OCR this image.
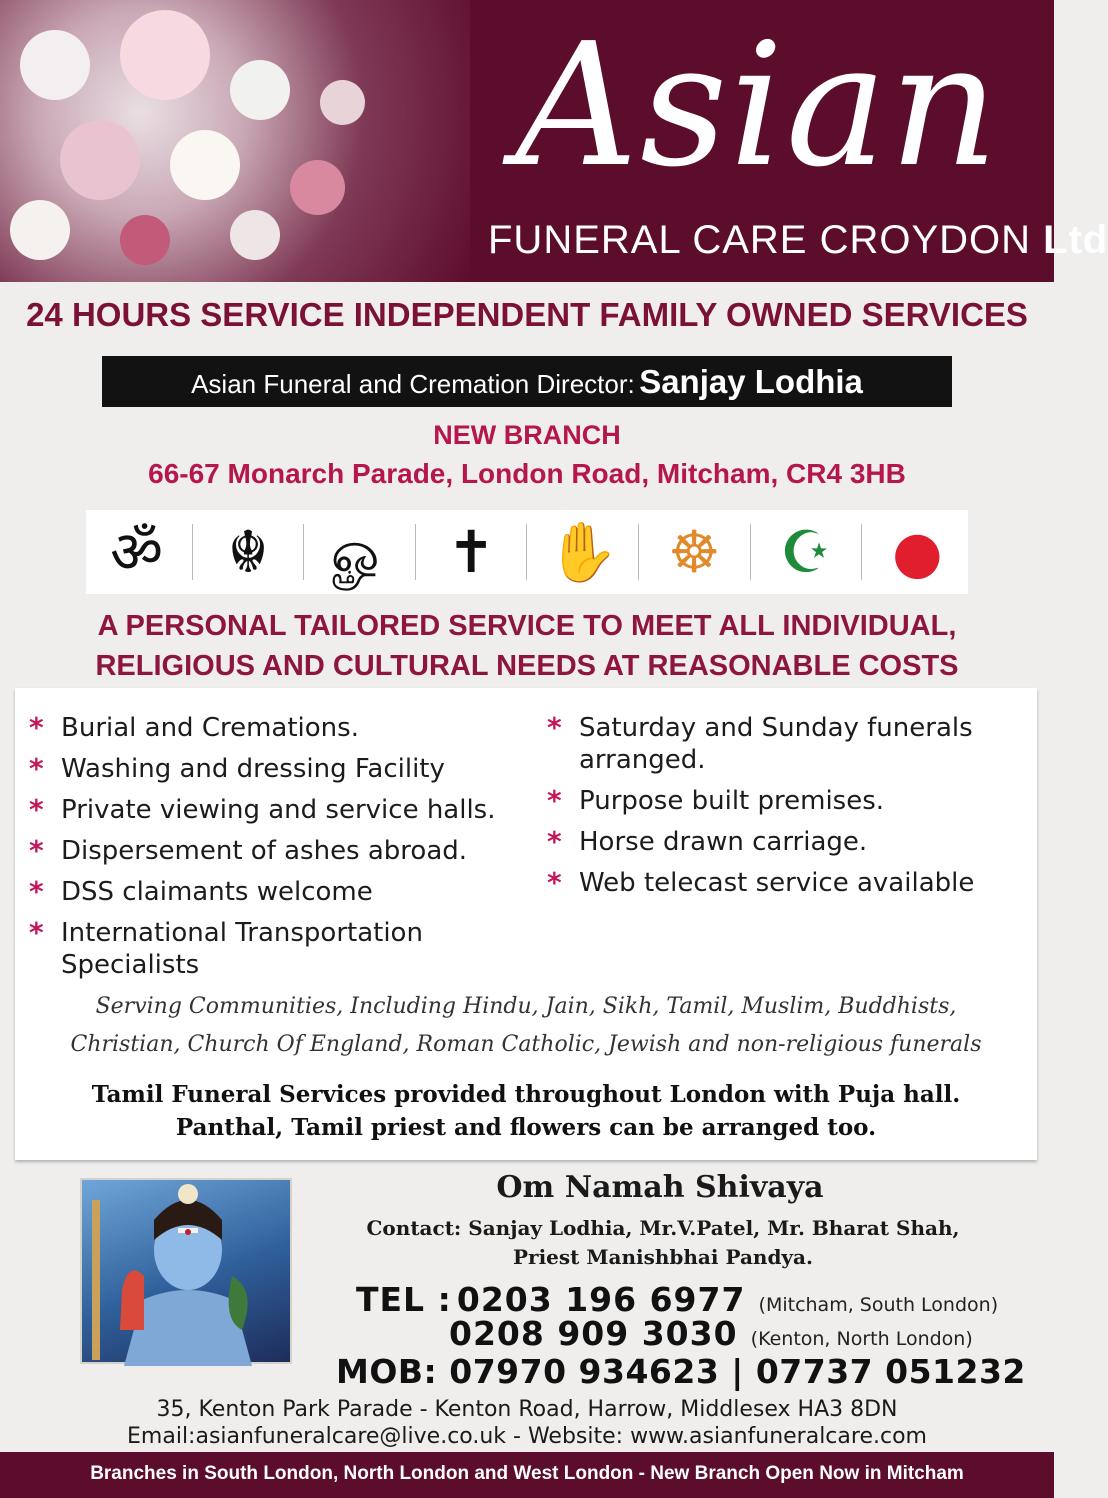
Asian
FUNERAL CARE CROYDON Ltd
24 HOURS SERVICE INDEPENDENT FAMILY OWNED SERVICES
Asian Funeral and Cremation Director: Sanjay Lodhia
NEW BRANCH
66-67 Monarch Parade, London Road, Mitcham, CR4 3HB
ॐ	☬	ௐ	✝ ✋ ☸	☪	●
A PERSONAL TAILORED SERVICE TO MEET ALL INDIVIDUAL,
RELIGIOUS AND CULTURAL NEEDS AT REASONABLE COSTS
* Burial and Cremations.
* Washing and dressing Facility
* Private viewing and service halls.
* Dispersement of ashes abroad.
* DSS claimants welcome
* International Transportation Specialists
* Saturday and Sunday funerals arranged.
* Purpose built premises.
* Horse drawn carriage.
* Web telecast service available
Serving Communities, Including Hindu, Jain, Sikh, Tamil, Muslim, Buddhists,
Christian, Church Of England, Roman Catholic, Jewish and non-religious funerals
Tamil Funeral Services provided throughout London with Puja hall.
Panthal, Tamil priest and flowers can be arranged too.
Om Namah Shivaya
Contact: Sanjay Lodhia, Mr.V.Patel, Mr. Bharat Shah,
Priest Manishbhai Pandya.
TEL : 0203 196 6977 (Mitcham, South London)
0208 909 3030 (Kenton, North London)
MOB: 07970 934623 | 07737 051232
35, Kenton Park Parade - Kenton Road, Harrow, Middlesex HA3 8DN
Email:asianfuneralcare@live.co.uk - Website: www.asianfuneralcare.com
Branches in South London, North London and West London - New Branch Open Now in Mitcham
